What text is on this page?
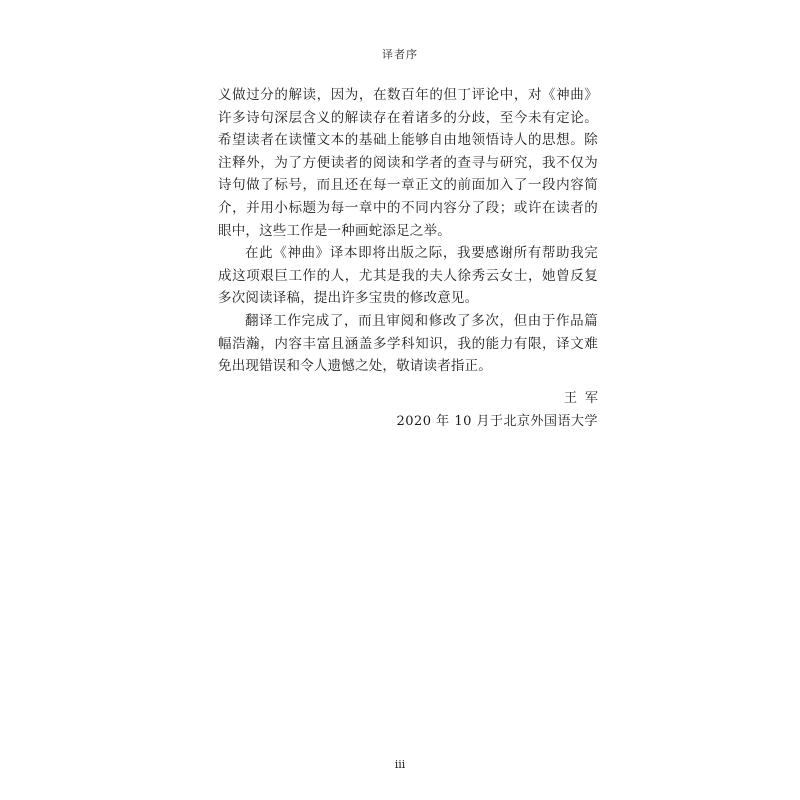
译者序

义做过分的解读，因为，在数百年的但丁评论中，对《神曲》许多诗句深层含义的解读存在着诸多的分歧，至今未有定论。希望读者在读懂文本的基础上能够自由地领悟诗人的思想。除注释外，为了方便读者的阅读和学者的查寻与研究，我不仅为诗句做了标号，而且还在每一章正文的前面加入了一段内容简介，并用小标题为每一章中的不同内容分了段；或许在读者的眼中，这些工作是一种画蛇添足之举。

在此《神曲》译本即将出版之际，我要感谢所有帮助我完成这项艰巨工作的人，尤其是我的夫人徐秀云女士，她曾反复多次阅读译稿，提出许多宝贵的修改意见。

翻译工作完成了，而且审阅和修改了多次，但由于作品篇幅浩瀚，内容丰富且涵盖多学科知识，我的能力有限，译文难免出现错误和令人遗憾之处，敬请读者指正。

王军
2020 年 10 月于北京外国语大学
iii
